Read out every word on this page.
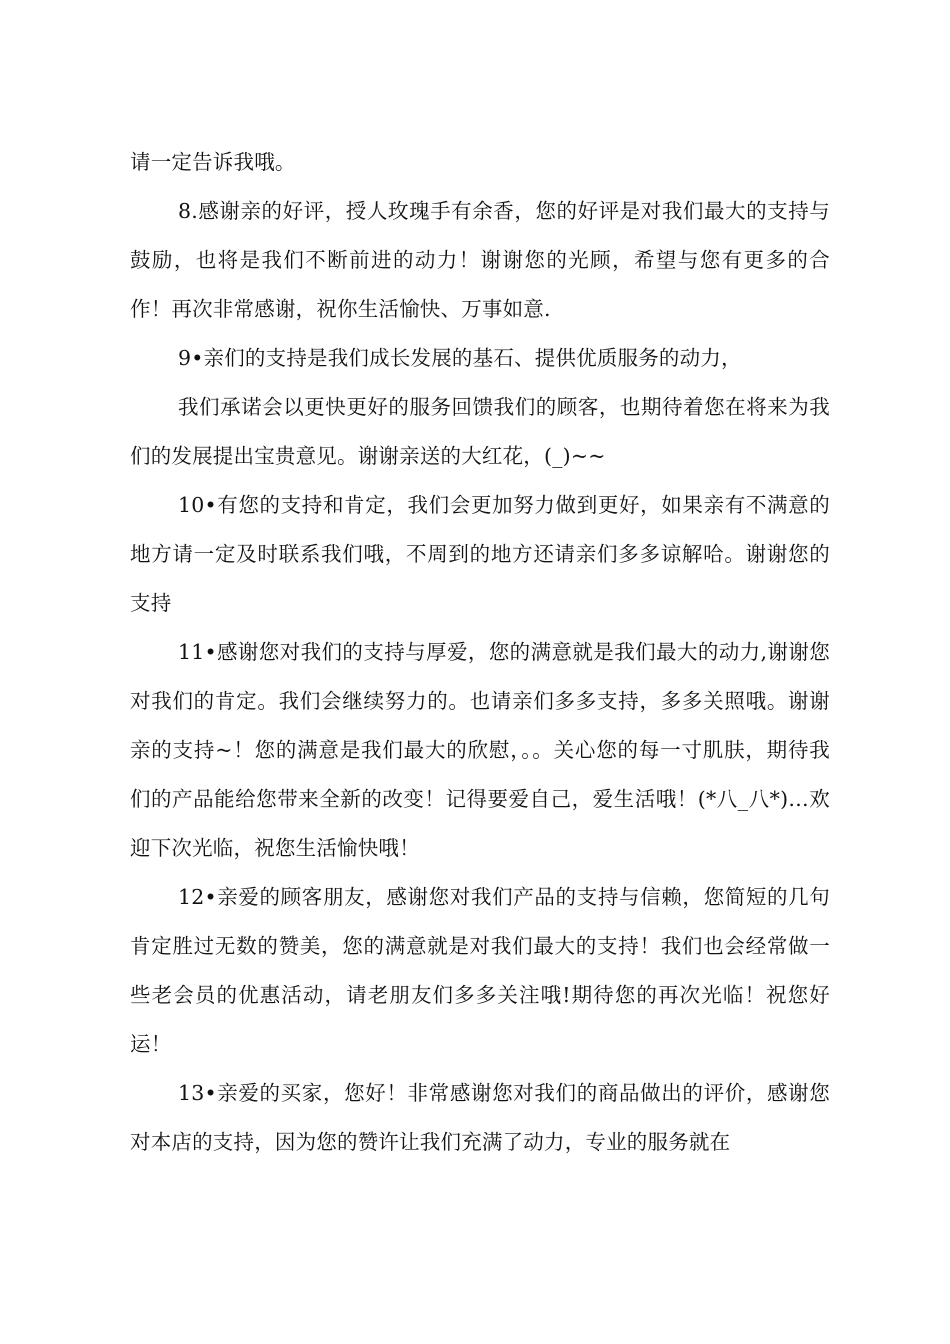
请一定告诉我哦。

8.感谢亲的好评，授人玫瑰手有余香，您的好评是对我们最大的支持与鼓励，也将是我们不断前进的动力！谢谢您的光顾，希望与您有更多的合作！再次非常感谢，祝你生活愉快、万事如意.

9•亲们的支持是我们成长发展的基石、提供优质服务的动力，

我们承诺会以更快更好的服务回馈我们的顾客，也期待着您在将来为我们的发展提出宝贵意见。谢谢亲送的大红花，(_)~~

10•有您的支持和肯定，我们会更加努力做到更好，如果亲有不满意的地方请一定及时联系我们哦，不周到的地方还请亲们多多谅解哈。谢谢您的支持

11•感谢您对我们的支持与厚爱，您的满意就是我们最大的动力,谢谢您对我们的肯定。我们会继续努力的。也请亲们多多支持，多多关照哦。谢谢亲的支持~！您的满意是我们最大的欣慰，。。关心您的每一寸肌肤，期待我们的产品能给您带来全新的改变！记得要爱自己，爱生活哦！(*八_八*)…欢迎下次光临，祝您生活愉快哦！

12•亲爱的顾客朋友，感谢您对我们产品的支持与信赖，您简短的几句肯定胜过无数的赞美，您的满意就是对我们最大的支持！我们也会经常做一些老会员的优惠活动，请老朋友们多多关注哦!期待您的再次光临！祝您好运！

13•亲爱的买家，您好！非常感谢您对我们的商品做出的评价，感谢您对本店的支持，因为您的赞许让我们充满了动力，专业的服务就在
